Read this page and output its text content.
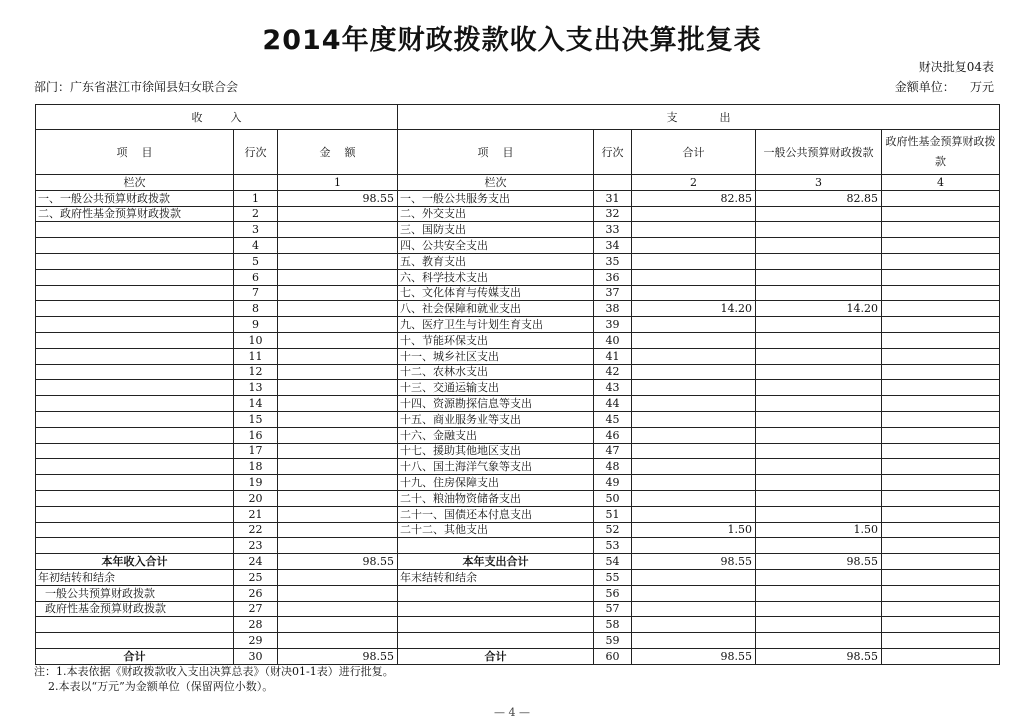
2014年度财政拨款收入支出决算批复表
财决批复04表
部门：广东省湛江市徐闻县妇女联合会	金额单位：    万元
收        入			支            出				
项    目	行次	金    额	项    目	行次	合计	一般公共预算财政拨款	政府性基金预算财政拨款
栏次		1	栏次		2	3	4
一、一般公共预算财政拨款	1	98.55	一、一般公共服务支出	31	82.85	82.85	
二、政府性基金预算财政拨款	2		二、外交支出	32			
	3		三、国防支出	33			
	4		四、公共安全支出	34			
	5		五、教育支出	35			
	6		六、科学技术支出	36			
	7		七、文化体育与传媒支出	37			
	8		八、社会保障和就业支出	38	14.20	14.20	
	9		九、医疗卫生与计划生育支出	39			
	10		十、节能环保支出	40			
	11		十一、城乡社区支出	41			
	12		十二、农林水支出	42			
	13		十三、交通运输支出	43			
	14		十四、资源勘探信息等支出	44			
	15		十五、商业服务业等支出	45			
	16		十六、金融支出	46			
	17		十七、援助其他地区支出	47			
	18		十八、国土海洋气象等支出	48			
	19		十九、住房保障支出	49			
	20		二十、粮油物资储备支出	50			
	21		二十一、国债还本付息支出	51			
	22		二十二、其他支出	52	1.50	1.50	
	23			53			
本年收入合计	24	98.55	本年支出合计	54	98.55	98.55	
年初结转和结余	25		年末结转和结余	55			
一般公共预算财政拨款	26			56			
政府性基金预算财政拨款	27			57			
	28			58			
	29			59			
合计	30	98.55	合计	60	98.55	98.55	
注：1.本表依据《财政拨款收入支出决算总表》（财决01-1表）进行批复。
2.本表以“万元”为金额单位（保留两位小数）。
— 4 —
